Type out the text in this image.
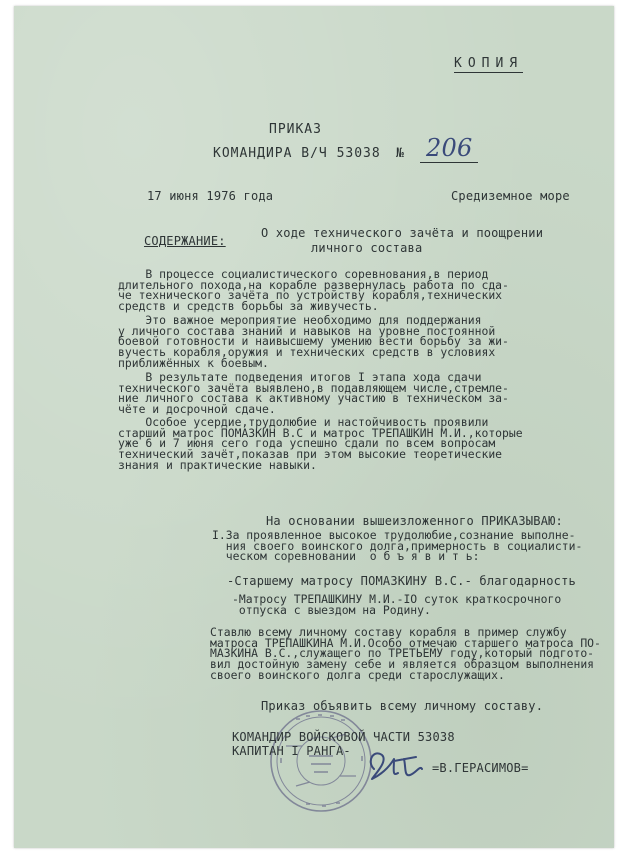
КОПИЯ
ПРИКАЗ
КОМАНДИРА В/Ч 53038 № 206
17 июня 1976 года	Средиземное море
СОДЕРЖАНИЕ:
О ходе технического зачёта и поощрении
личного состава
В процессе социалистического соревнования,в период
длительного похода,на корабле развернулась работа по сда-
че технического зачёта по устройству корабля,технических
средств и средств борьбы за живучесть.
Это важное мероприятие необходимо для поддержания
у личного состава знаний и навыков на уровне постоянной
боевой готовности и наивысшему умению вести борьбу за жи-
вучесть корабля,оружия и технических средств в условиях
приближённых к боевым.
В результате подведения итогов I этапа хода сдачи
технического зачёта выявлено,в подавляющем числе,стремле-
ние личного состава к активному участию в техническом за-
чёте и досрочной сдаче.
Особое усердие,трудолюбие и настойчивость проявили
старший матрос ПОМАЗКИН В.С и матрос ТРЕПАШКИН М.И.,которые
уже 6 и 7 июня сего года успешно сдали по всем вопросам
технический зачёт,показав при этом высокие теоретические
знания и практические навыки.
На основании вышеизложенного ПРИКАЗЫВАЮ:
I.За проявленное высокое трудолюбие,сознание выполне-
ния своего воинского долга,примерность в социалисти-
ческом соревновании  о б ъ я в и т ь:
-Старшему матросу ПОМАЗКИНУ В.С.- благодарность
-Матросу ТРЕПАШКИНУ М.И.-IO суток краткосрочного
отпуска с выездом на Родину.
Ставлю всему личному составу корабля в пример службу
матроса ТРЕПАШКИНА М.И.Особо отмечаю старшего матроса ПО-
МАЗКИНА В.С.,служащего по ТРЕТЬЕМУ году,который подгото-
вил достойную замену себе и является образцом выполнения
своего воинского долга среди старослужащих.
Приказ объявить всему личному составу.
КОМАНДИР ВОЙСКОВОЙ ЧАСТИ 53038
КАПИТАН I РАНГА-
=В.ГЕРАСИМОВ=
